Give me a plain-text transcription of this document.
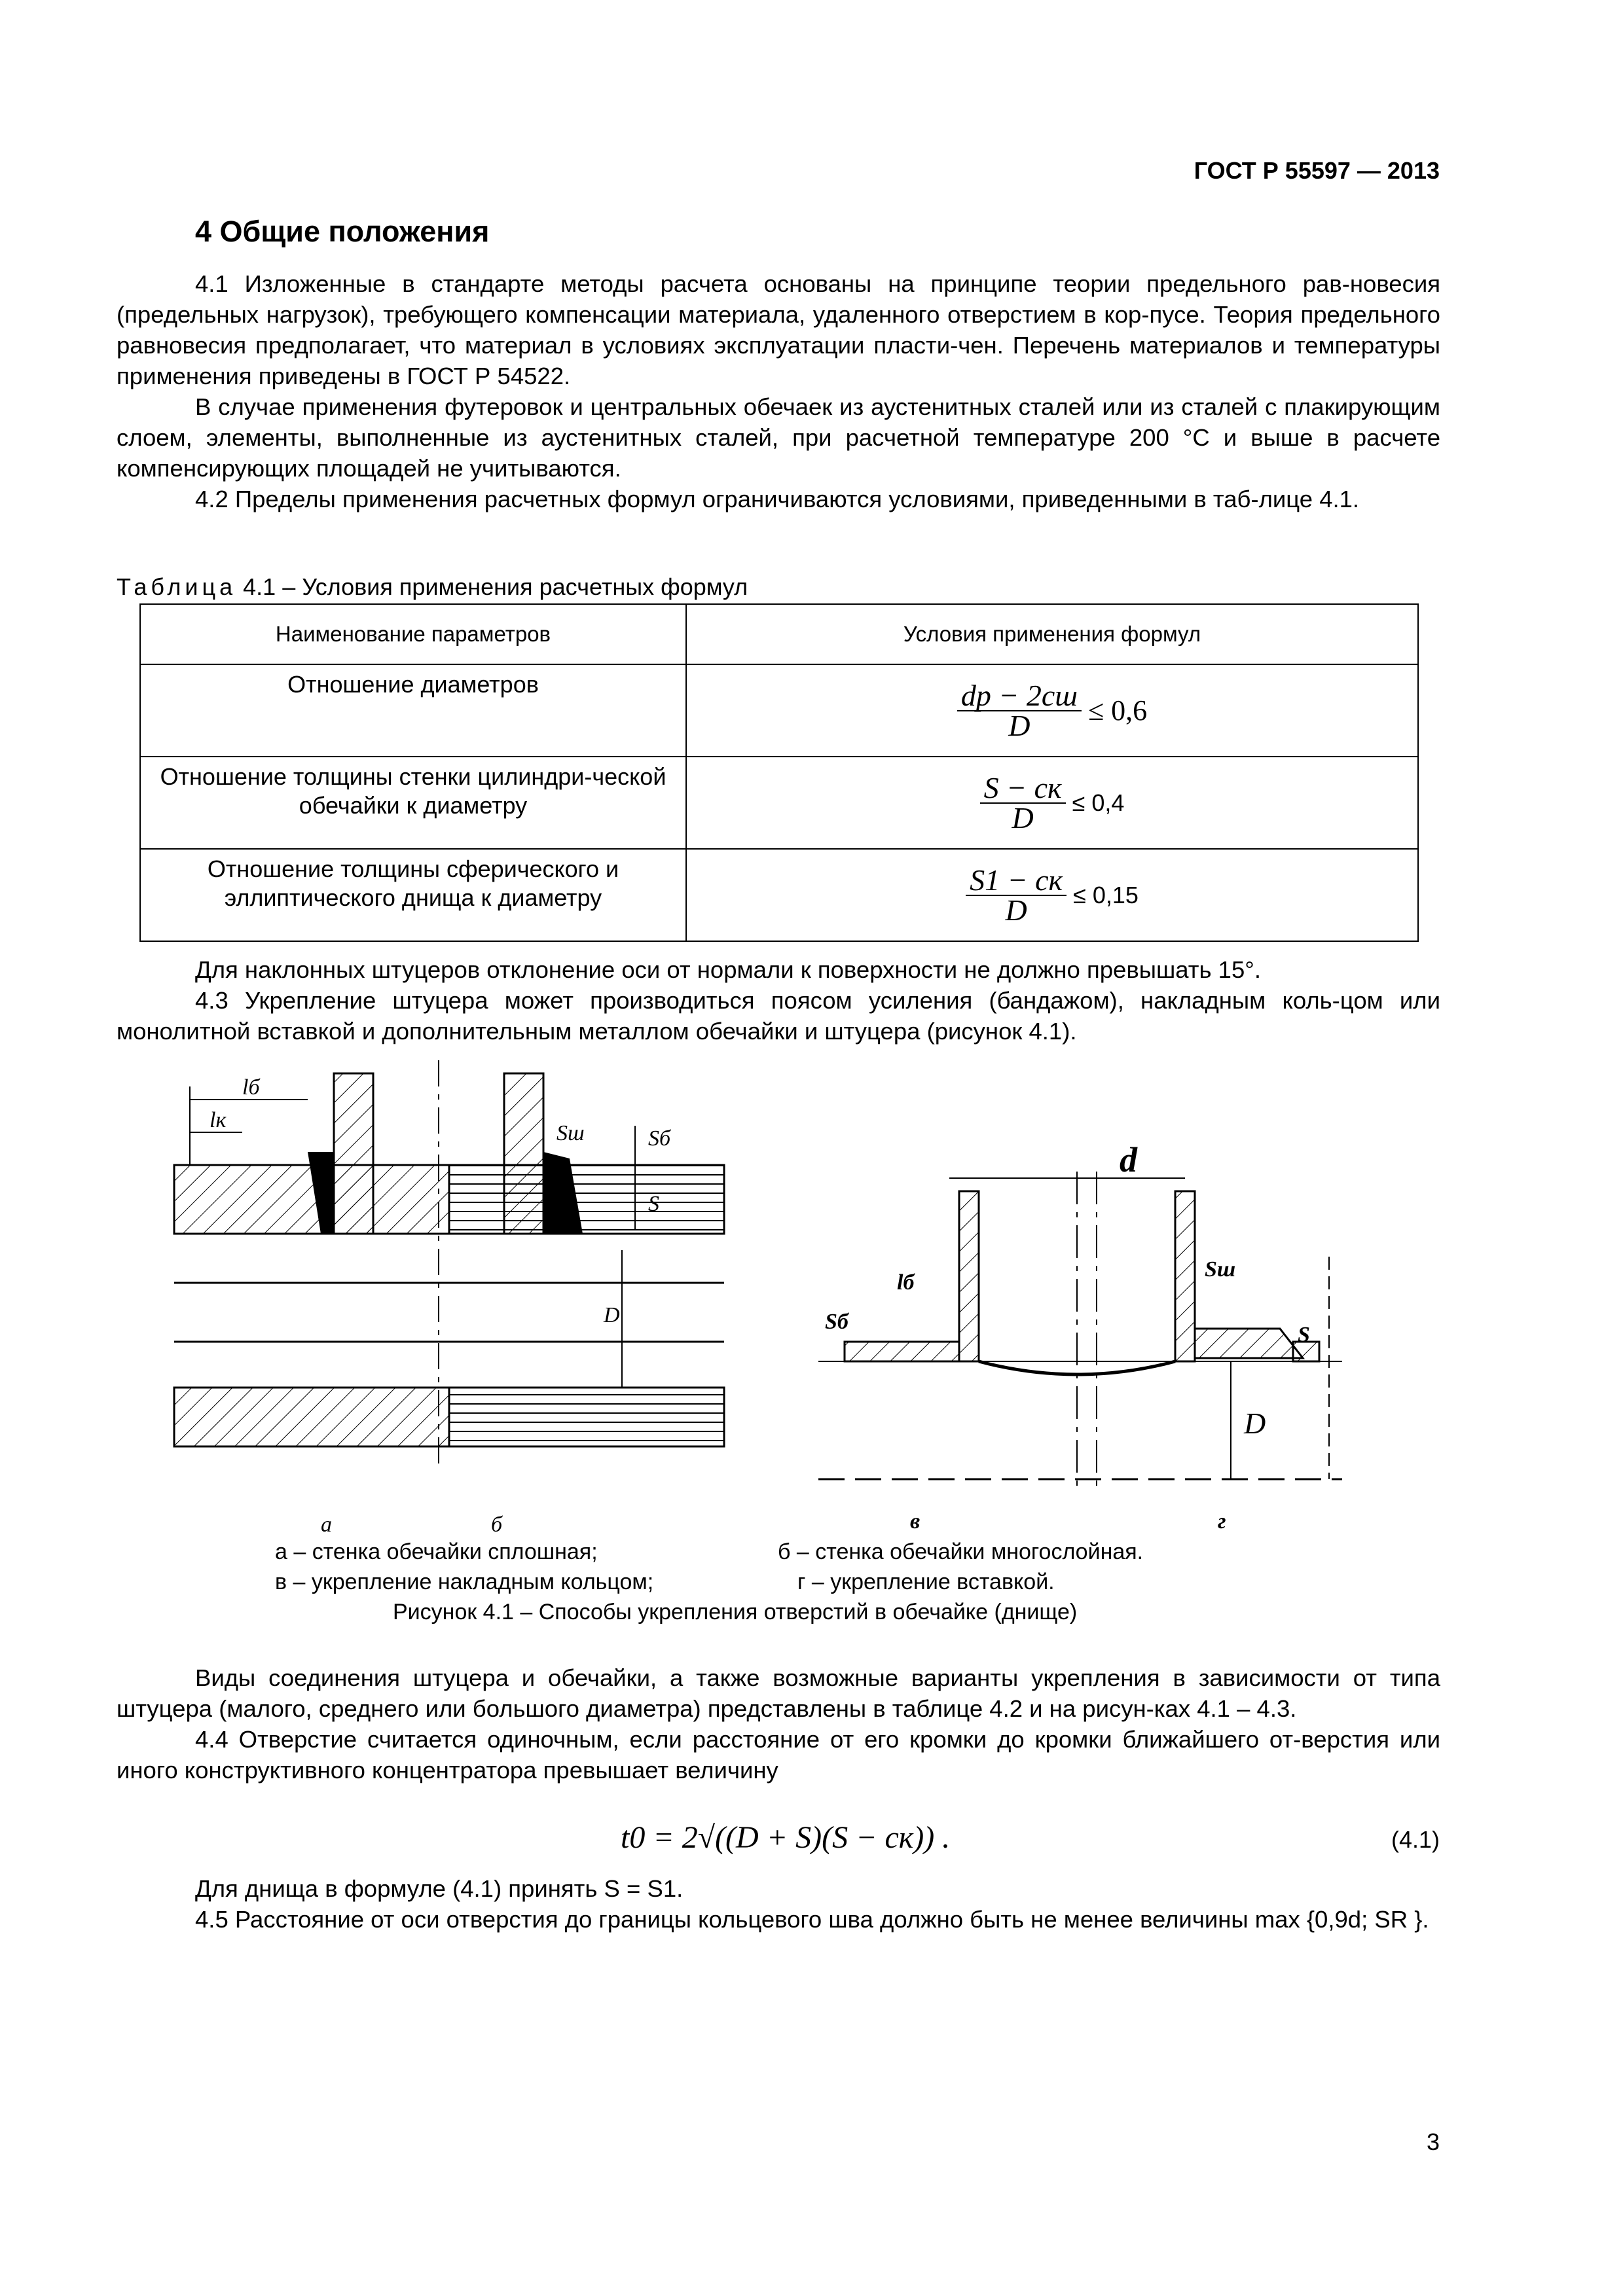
ГОСТ Р 55597 — 2013
4 Общие положения

4.1 Изложенные в стандарте методы расчета основаны на принципе теории предельного рав-новесия (предельных нагрузок), требующего компенсации материала, удаленного отверстием в кор-пусе. Теория предельного равновесия предполагает, что материал в условиях эксплуатации пласти-чен. Перечень материалов и температуры применения приведены в ГОСТ Р 54522.

В случае применения футеровок и центральных обечаек из аустенитных сталей или из сталей с плакирующим слоем, элементы, выполненные из аустенитных сталей, при расчетной температуре 200 °С и выше в расчете компенсирующих площадей не учитываются.

4.2 Пределы применения расчетных формул ограничиваются условиями, приведенными в таб-лице 4.1.

Таблица 4.1 – Условия применения расчетных формул
Наименование параметров	Условия применения формул
Отношение диаметров	$\frac{dp - 2cш}{D} \le 0,6$
Отношение толщины стенки цилиндри-ческой обечайки к диаметру	$\frac{S - cк}{D} \le 0,4$
Отношение толщины сферического и эллиптического днища к диаметру	$\frac{S1 - cк}{D} \le 0,15$

Для наклонных штуцеров отклонение оси от нормали к поверхности не должно превышать 15°.

4.3 Укрепление штуцера может производиться поясом усиления (бандажом), накладным коль-цом или монолитной вставкой и дополнительным металлом обечайки и штуцера (рисунок 4.1).

lб
lк
Sш	Sб
S
D
d
lб
Sб
Sш
D
S
а	б	в	г
а – стенка обечайки сплошная;	б – стенка обечайки многослойная.
в – укрепление накладным кольцом;	г – укрепление вставкой.
Рисунок 4.1 – Способы укрепления отверстий в обечайке (днище)

Виды соединения штуцера и обечайки, а также возможные варианты укрепления в зависимости от типа штуцера (малого, среднего или большого диаметра) представлены в таблице 4.2 и на рисун-ках 4.1 – 4.3.

4.4 Отверстие считается одиночным, если расстояние от его кромки до кромки ближайшего от-верстия или иного конструктивного концентратора превышает величину

t0 = 2√((D + S)(S − cк)) .	(4.1)

Для днища в формуле (4.1) принять S = S1.

4.5 Расстояние от оси отверстия до границы кольцевого шва должно быть не менее величины max {0,9d; SR }.

3
